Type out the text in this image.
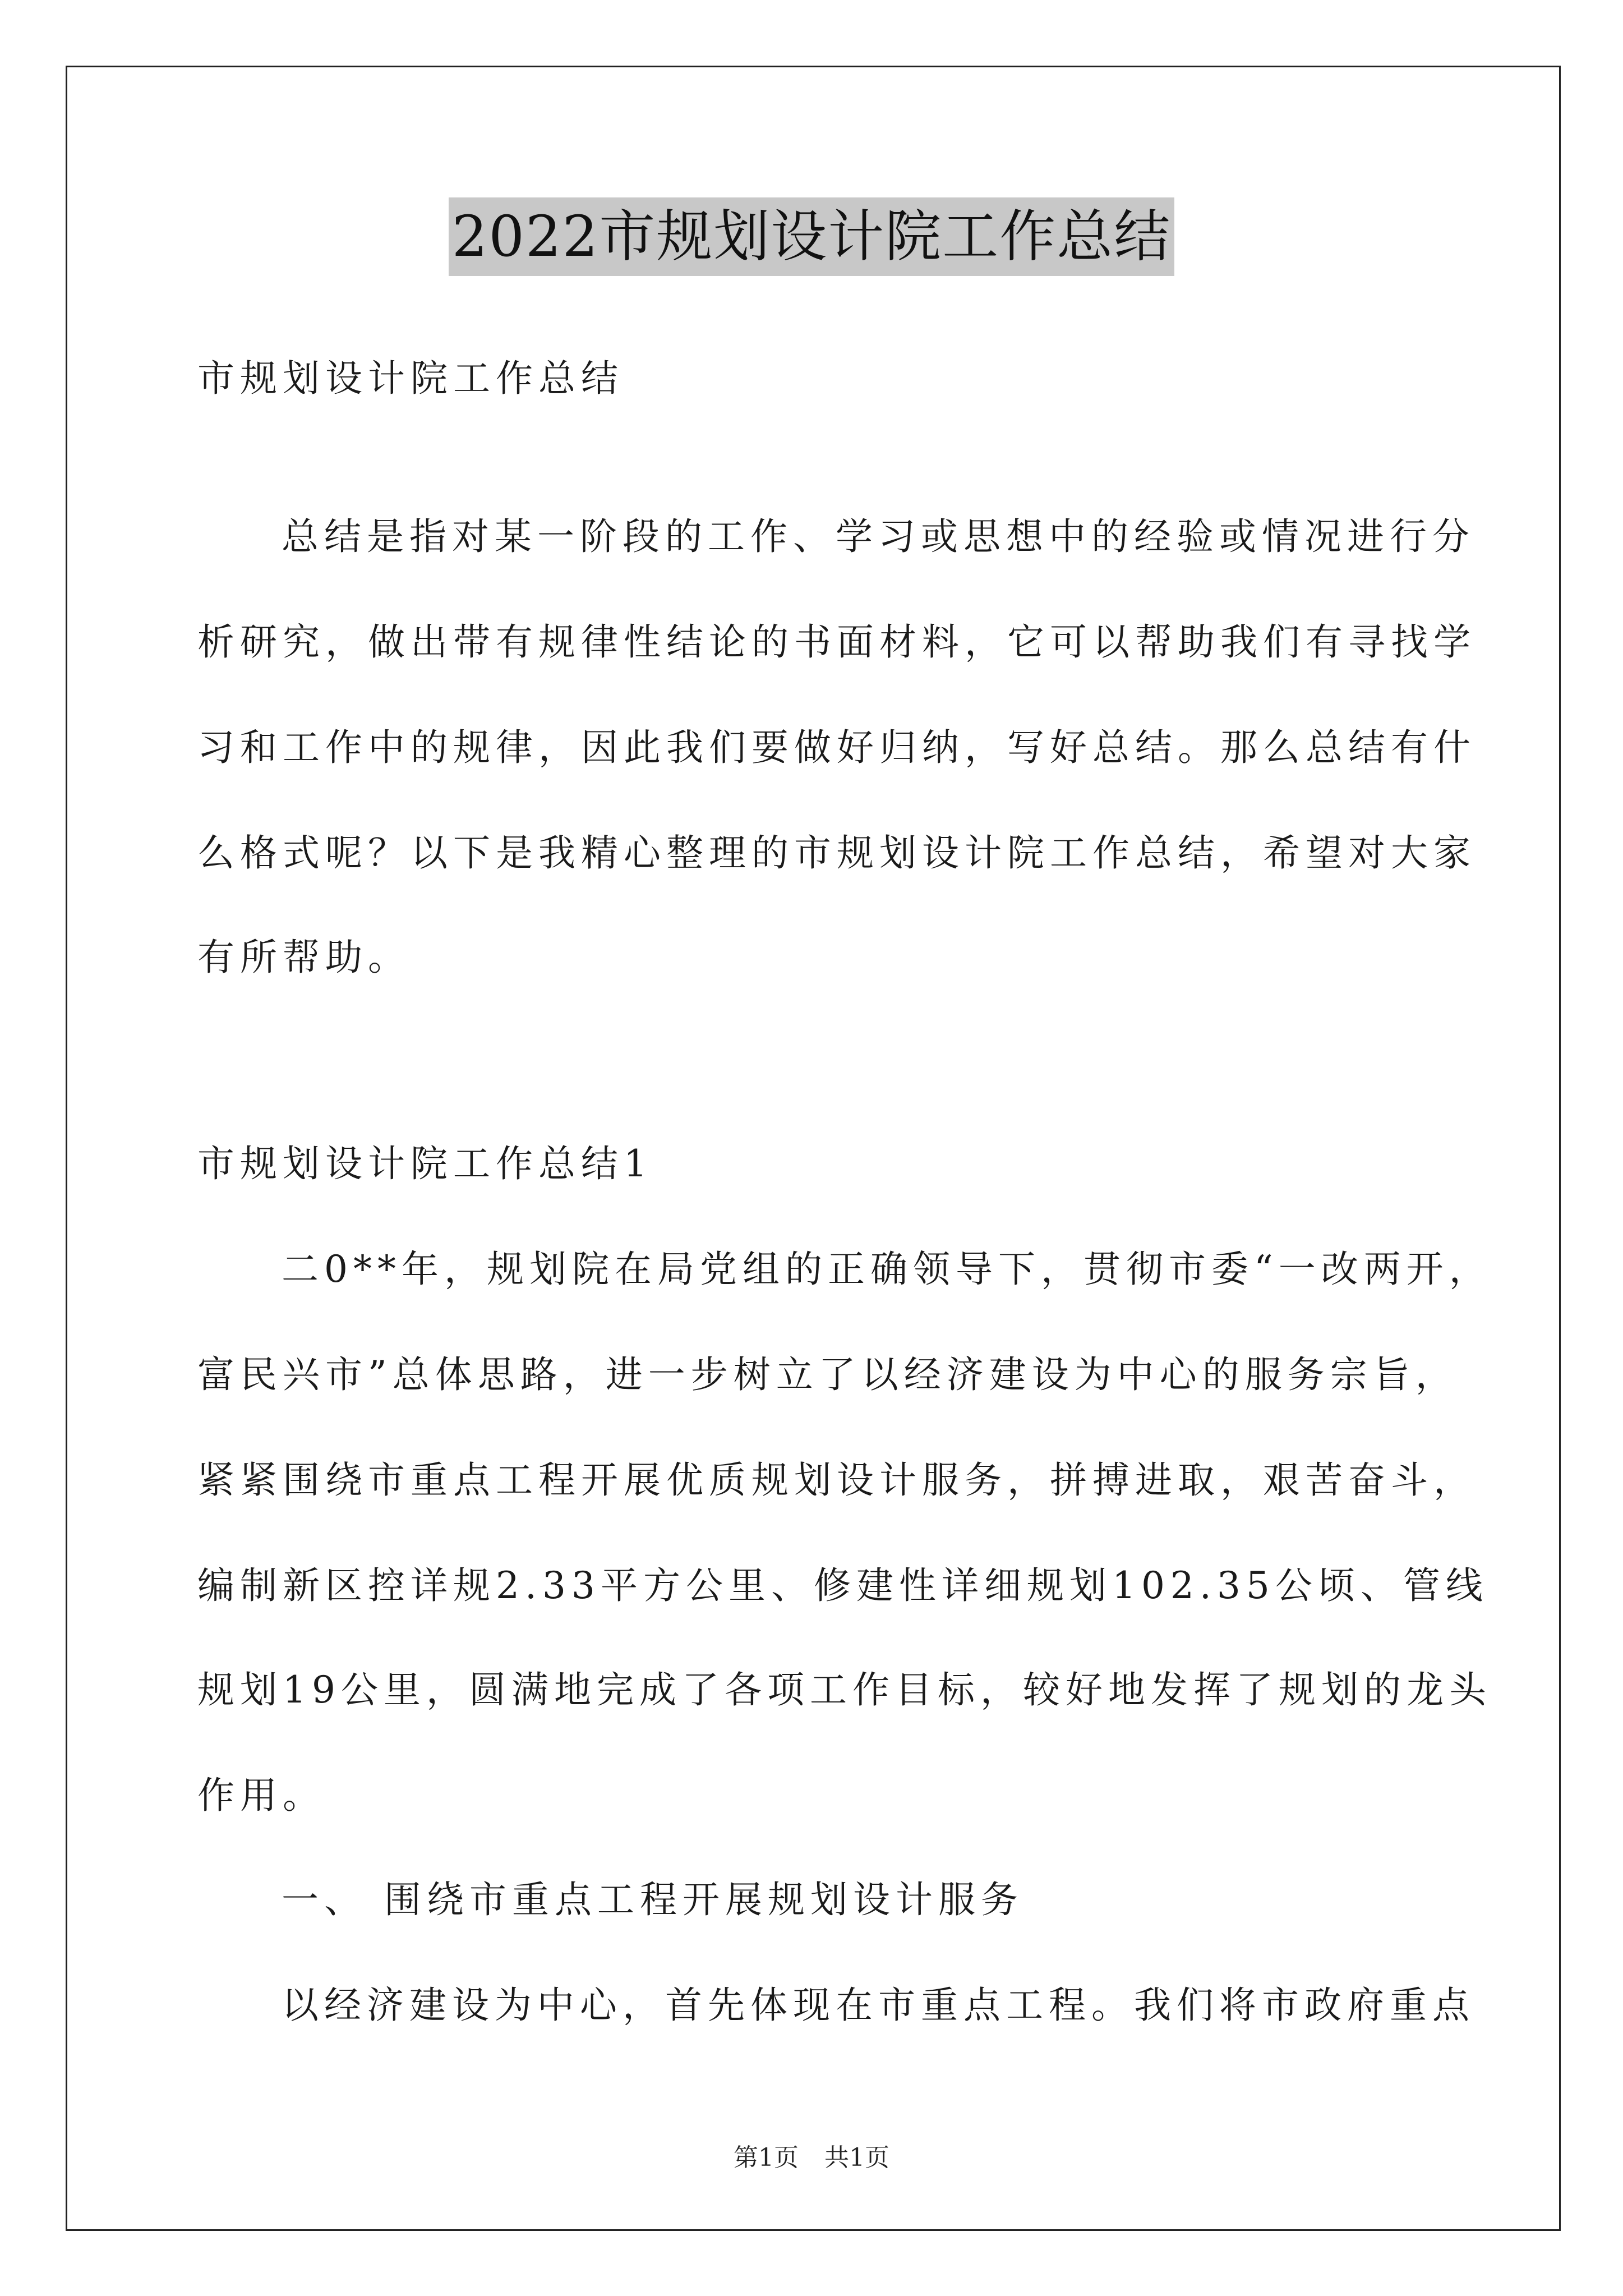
2022市规划设计院工作总结
市规划设计院工作总结
总结是指对某一阶段的工作、学习或思想中的经验或情况进行分
析研究，做出带有规律性结论的书面材料，它可以帮助我们有寻找学
习和工作中的规律，因此我们要做好归纳，写好总结。那么总结有什
么格式呢？以下是我精心整理的市规划设计院工作总结，希望对大家
有所帮助。
市规划设计院工作总结1
二0**年，规划院在局党组的正确领导下，贯彻市委“一改两开，
富民兴市”总体思路，进一步树立了以经济建设为中心的服务宗旨，
紧紧围绕市重点工程开展优质规划设计服务，拼搏进取，艰苦奋斗，
编制新区控详规2.33平方公里、修建性详细规划102.35公顷、管线
规划19公里，圆满地完成了各项工作目标，较好地发挥了规划的龙头
作用。
一、 围绕市重点工程开展规划设计服务
以经济建设为中心，首先体现在市重点工程。我们将市政府重点
第1页 共1页
